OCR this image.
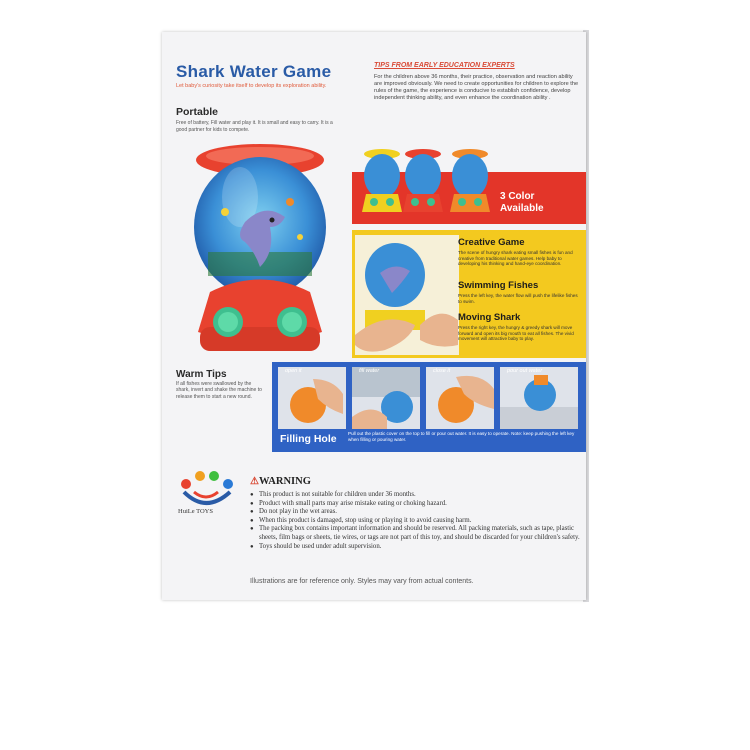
Shark Water Game
Let baby's curiosity take itself to develop its exploration ability.
Portable
Free of battery, Fill water and play it. It is small and easy to carry. It is a good partner for kids to compete.
TIPS FROM EARLY EDUCATION EXPERTS
For the children above 36 months, their practice, observation and reaction ability are improved obviously. We need to create opportunities for children to explore the rules of the game, the experience is conducive to establish confidence, develop independent thinking ability, and even enhance the coordination ability .
3 Color Available
Creative Game
The scene of hungry shark eating small fishes is fun and creative from traditional water games. Help baby to developing his thinking and hand-eye coordination.
Swimming Fishes
Press the left key, the water flow will push the lifelike fishes to swim.
Moving Shark
Press the right key, the hungry & greedy shark will move forward and open its big mouth to eat all fishes. The vivid movement will attractive baby to play.
Warm Tips
If all fishes were swallowed by the shark, invert and shake the machine to release them to start a new round.
open it	fill water	close it	pour out water
Filling Hole Pull out the plastic cover on the top to fill or pour out water. It is easy to operate. Note: keep pushing the left key when filling or pouring water.
HuiLe TOYS
⚠WARNING
● This product is not suitable for children under 36 months.
● Product with small parts may arise mistake eating or choking hazard.
● Do not play in the wet areas.
● When this product is damaged, stop using or playing it to avoid causing harm.
● The packing box contains important information and should be reserved. All packing materials, such as tape, plastic sheets, film bags or sheets, tie wires, or tags are not part of this toy, and should be discarded for your children's safety.
● Toys should be used under adult supervision.
Illustrations are for reference only. Styles may vary from actual contents.
